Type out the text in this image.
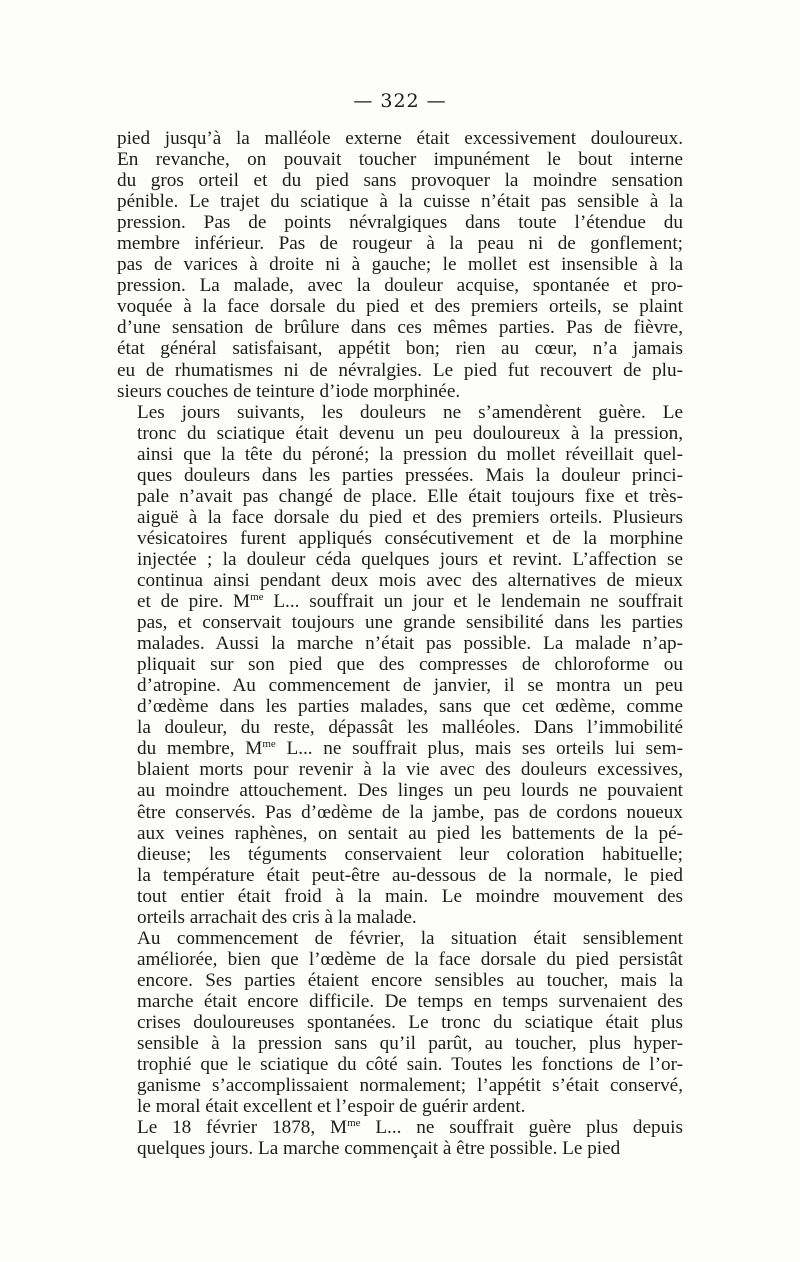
— 322 —
pied jusqu’à la malléole externe était excessivement douloureux.
En revanche, on pouvait toucher impunément le bout interne
du gros orteil et du pied sans provoquer la moindre sensation
pénible. Le trajet du sciatique à la cuisse n’était pas sensible à la
pression. Pas de points névralgiques dans toute l’étendue du
membre inférieur. Pas de rougeur à la peau ni de gonflement;
pas de varices à droite ni à gauche; le mollet est insensible à la
pression. La malade, avec la douleur acquise, spontanée et pro-
voquée à la face dorsale du pied et des premiers orteils, se plaint
d’une sensation de brûlure dans ces mêmes parties. Pas de fièvre,
état général satisfaisant, appétit bon; rien au cœur, n’a jamais
eu de rhumatismes ni de névralgies. Le pied fut recouvert de plu-
sieurs couches de teinture d’iode morphinée.
Les jours suivants, les douleurs ne s’amendèrent guère. Le
tronc du sciatique était devenu un peu douloureux à la pression,
ainsi que la tête du péroné; la pression du mollet réveillait quel-
ques douleurs dans les parties pressées. Mais la douleur princi-
pale n’avait pas changé de place. Elle était toujours fixe et très-
aiguë à la face dorsale du pied et des premiers orteils. Plusieurs
vésicatoires furent appliqués consécutivement et de la morphine
injectée ; la douleur céda quelques jours et revint. L’affection se
continua ainsi pendant deux mois avec des alternatives de mieux
et de pire. $M^{me}$ L... souffrait un jour et le lendemain ne souffrait
pas, et conservait toujours une grande sensibilité dans les parties
malades. Aussi la marche n’était pas possible. La malade n’ap-
pliquait sur son pied que des compresses de chloroforme ou
d’atropine. Au commencement de janvier, il se montra un peu
d’œdème dans les parties malades, sans que cet œdème, comme
la douleur, du reste, dépassât les malléoles. Dans l’immobilité
du membre, $M^{me}$ L... ne souffrait plus, mais ses orteils lui sem-
blaient morts pour revenir à la vie avec des douleurs excessives,
au moindre attouchement. Des linges un peu lourds ne pouvaient
être conservés. Pas d’œdème de la jambe, pas de cordons noueux
aux veines raphènes, on sentait au pied les battements de la pé-
dieuse; les téguments conservaient leur coloration habituelle;
la température était peut-être au-dessous de la normale, le pied
tout entier était froid à la main. Le moindre mouvement des
orteils arrachait des cris à la malade.
Au commencement de février, la situation était sensiblement
améliorée, bien que l’œdème de la face dorsale du pied persistât
encore. Ses parties étaient encore sensibles au toucher, mais la
marche était encore difficile. De temps en temps survenaient des
crises douloureuses spontanées. Le tronc du sciatique était plus
sensible à la pression sans qu’il parût, au toucher, plus hyper-
trophié que le sciatique du côté sain. Toutes les fonctions de l’or-
ganisme s’accomplissaient normalement; l’appétit s’était conservé,
le moral était excellent et l’espoir de guérir ardent.
Le 18 février 1878, $M^{me}$ L... ne souffrait guère plus depuis
quelques jours. La marche commençait à être possible. Le pied
